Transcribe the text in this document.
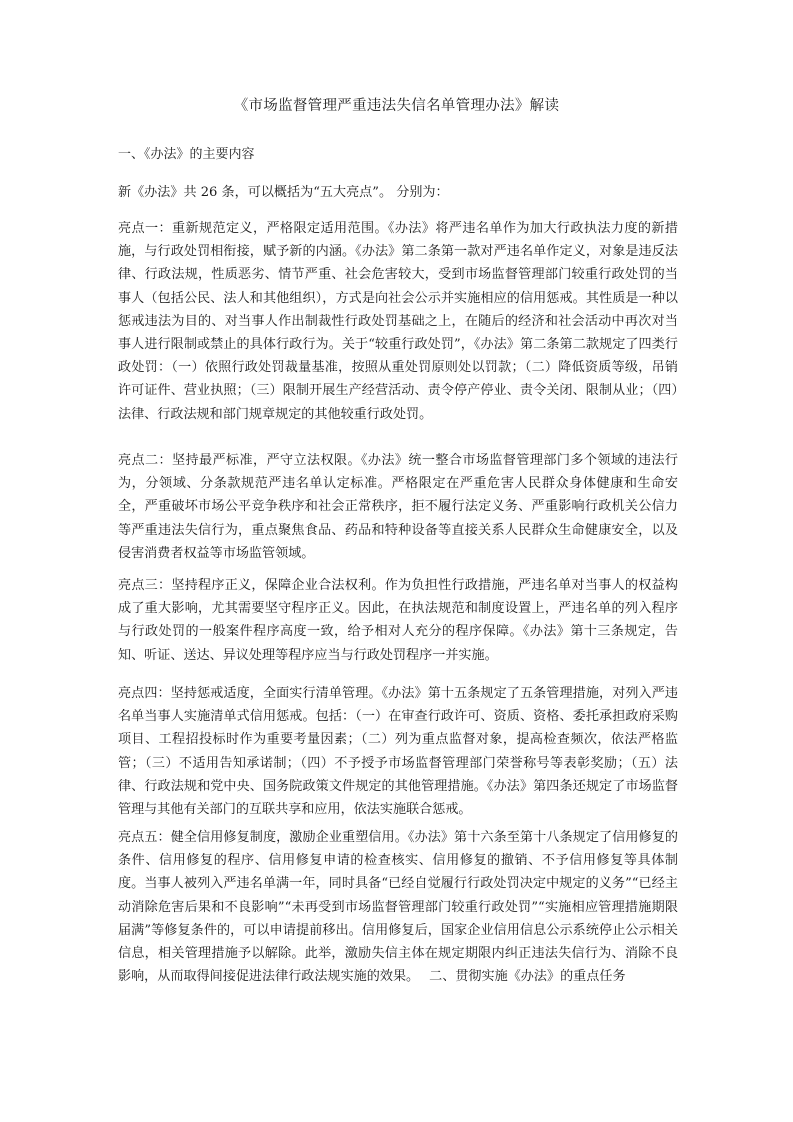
《市场监督管理严重违法失信名单管理办法》解读
一、《办法》的主要内容

新《办法》共 26 条，可以概括为“五大亮点”。 分别为：

亮点一：重新规范定义，严格限定适用范围。《办法》将严违名单作为加大行政执法力度的新措施，与行政处罚相衔接，赋予新的内涵。《办法》第二条第一款对严违名单作定义，对象是违反法律、行政法规，性质恶劣、情节严重、社会危害较大，受到市场监督管理部门较重行政处罚的当事人（包括公民、法人和其他组织），方式是向社会公示并实施相应的信用惩戒。其性质是一种以惩戒违法为目的、对当事人作出制裁性行政处罚基础之上，在随后的经济和社会活动中再次对当事人进行限制或禁止的具体行政行为。关于“较重行政处罚”，《办法》第二条第二款规定了四类行政处罚：（一）依照行政处罚裁量基准，按照从重处罚原则处以罚款；（二）降低资质等级，吊销许可证件、营业执照；（三）限制开展生产经营活动、责令停产停业、责令关闭、限制从业；（四）法律、行政法规和部门规章规定的其他较重行政处罚。

亮点二：坚持最严标准，严守立法权限。《办法》统一整合市场监督管理部门多个领域的违法行为，分领域、分条款规范严违名单认定标准。严格限定在严重危害人民群众身体健康和生命安全，严重破坏市场公平竞争秩序和社会正常秩序，拒不履行法定义务、严重影响行政机关公信力等严重违法失信行为，重点聚焦食品、药品和特种设备等直接关系人民群众生命健康安全，以及侵害消费者权益等市场监管领域。

亮点三：坚持程序正义，保障企业合法权利。作为负担性行政措施，严违名单对当事人的权益构成了重大影响，尤其需要坚守程序正义。因此，在执法规范和制度设置上，严违名单的列入程序与行政处罚的一般案件程序高度一致，给予相对人充分的程序保障。《办法》第十三条规定，告知、听证、送达、异议处理等程序应当与行政处罚程序一并实施。

亮点四：坚持惩戒适度，全面实行清单管理。《办法》第十五条规定了五条管理措施，对列入严违名单当事人实施清单式信用惩戒。包括：（一）在审查行政许可、资质、资格、委托承担政府采购项目、工程招投标时作为重要考量因素；（二）列为重点监督对象，提高检查频次，依法严格监管；（三）不适用告知承诺制；（四）不予授予市场监督管理部门荣誉称号等表彰奖励；（五）法律、行政法规和党中央、国务院政策文件规定的其他管理措施。《办法》第四条还规定了市场监督管理与其他有关部门的互联共享和应用，依法实施联合惩戒。

亮点五：健全信用修复制度，激励企业重塑信用。《办法》第十六条至第十八条规定了信用修复的条件、信用修复的程序、信用修复申请的检查核实、信用修复的撤销、不予信用修复等具体制度。当事人被列入严违名单满一年，同时具备“已经自觉履行行政处罚决定中规定的义务”“已经主动消除危害后果和不良影响”“未再受到市场监督管理部门较重行政处罚”“实施相应管理措施期限届满”等修复条件的，可以申请提前移出。信用修复后，国家企业信用信息公示系统停止公示相关信息，相关管理措施予以解除。此举，激励失信主体在规定期限内纠正违法失信行为、消除不良影响，从而取得间接促进法律行政法规实施的效果。 二、贯彻实施《办法》的重点任务
